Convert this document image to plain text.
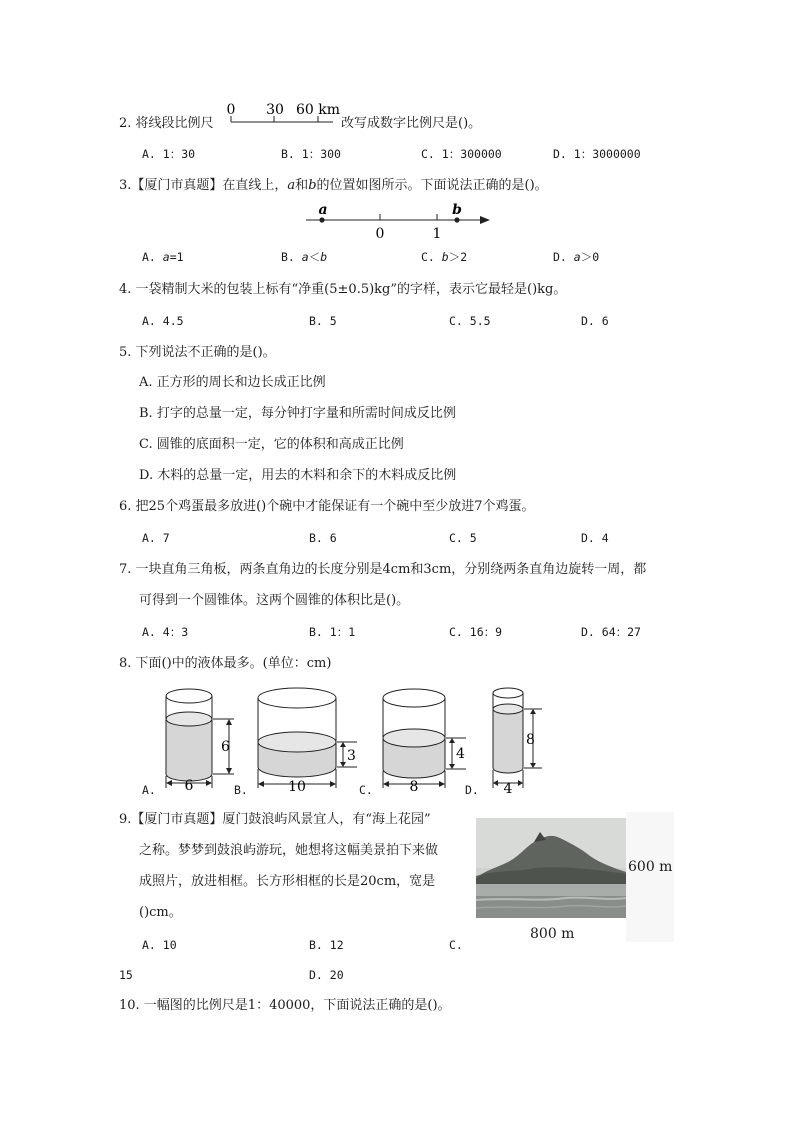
2. 将线段比例尺
0 30 60 km
改写成数字比例尺是()。
A. 1：30	B. 1：300	C. 1：300000	D. 1：3000000
3.【厦门市真题】在直线上，a和b的位置如图所示。下面说法正确的是()。
a	b
0	1
A. a=1	B. a＜b	C. b＞2	D. a＞0
4. 一袋精制大米的包装上标有“净重(5±0.5)kg”的字样，表示它最轻是()kg。
A. 4.5	B. 5	C. 5.5	D. 6
5. 下列说法不正确的是()。
A. 正方形的周长和边长成正比例
B. 打字的总量一定，每分钟打字量和所需时间成反比例
C. 圆锥的底面积一定，它的体积和高成正比例
D. 木料的总量一定，用去的木料和余下的木料成反比例
6. 把25个鸡蛋最多放进()个碗中才能保证有一个碗中至少放进7个鸡蛋。
A. 7	B. 6	C. 5	D. 4
7. 一块直角三角板，两条直角边的长度分别是4cm和3cm，分别绕两条直角边旋转一周，都
可得到一个圆锥体。这两个圆锥的体积比是()。
A. 4：3	B. 1：1	C. 16：9	D. 64：27
8. 下面()中的液体最多。(单位：cm)
6
6
3
10
4
8
8
4
A.	B.	C.	D.
9.【厦门市真题】厦门鼓浪屿风景宜人，有“海上花园”
之称。梦梦到鼓浪屿游玩，她想将这幅美景拍下来做
成照片，放进相框。长方形相框的长是20cm，宽是
()cm。
600 m
800 m
A. 10	B. 12	C.
15	D. 20
10. 一幅图的比例尺是1：40000，下面说法正确的是()。
